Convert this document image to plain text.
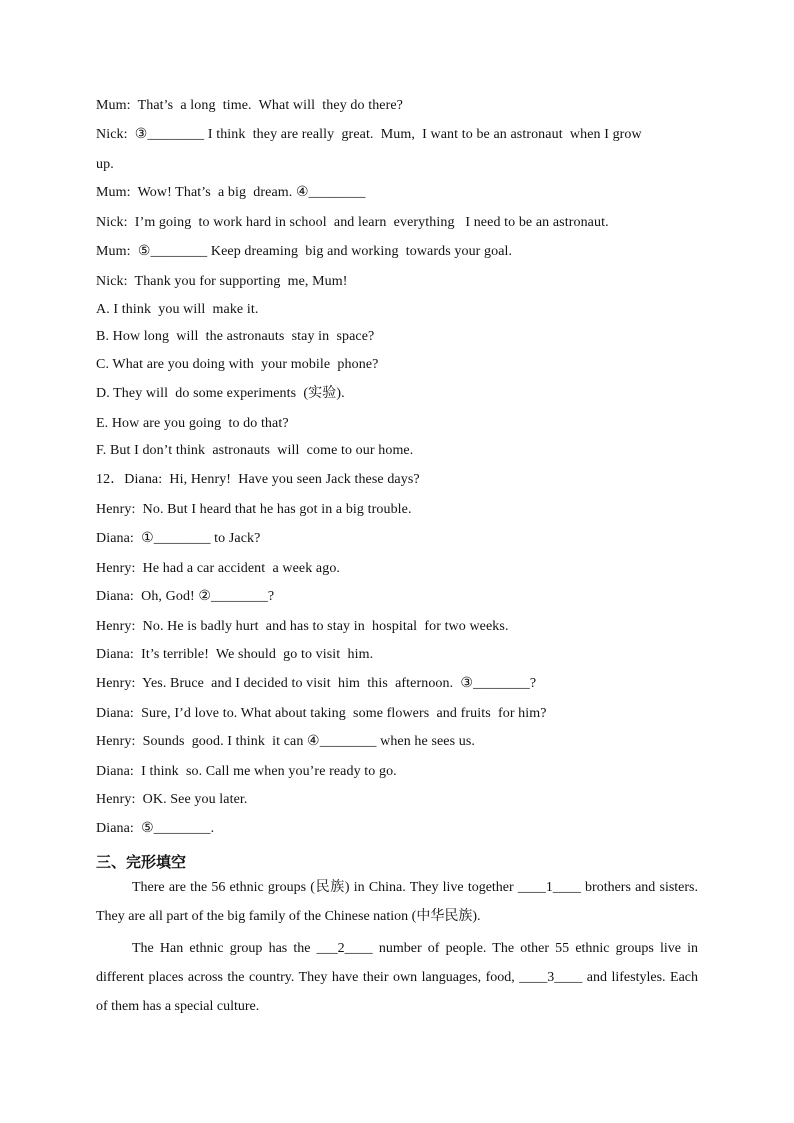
Mum:  That’s  a long  time.  What will  they do there?
Nick:  ③________ I think  they are really  great.  Mum,  I want to be an astronaut  when I grow
up.
Mum:  Wow! That’s  a big  dream. ④________
Nick:  I’m going  to work hard in school  and learn  everything   I need to be an astronaut.
Mum:  ⑤________ Keep dreaming  big and working  towards your goal.
Nick:  Thank you for supporting  me, Mum!
A. I think  you will  make it.
B. How long  will  the astronauts  stay in  space?
C. What are you doing with  your mobile  phone?
D. They will  do some experiments  (实验).
E. How are you going  to do that?
F. But I don’t think  astronauts  will  come to our home.
12．Diana:  Hi, Henry!  Have you seen Jack these days?
Henry:  No. But I heard that he has got in a big trouble.
Diana:  ①________ to Jack?
Henry:  He had a car accident  a week ago.
Diana:  Oh, God! ②________?
Henry:  No. He is badly hurt  and has to stay in  hospital  for two weeks.
Diana:  It’s terrible!  We should  go to visit  him.
Henry:  Yes. Bruce  and I decided to visit  him  this  afternoon.  ③________?
Diana:  Sure, I’d love to. What about taking  some flowers  and fruits  for him?
Henry:  Sounds  good. I think  it can ④________ when he sees us.
Diana:  I think  so. Call me when you’re ready to go.
Henry:  OK. See you later.
Diana:  ⑤________.
三、完形填空
There are the 56 ethnic groups (民族) in China. They live together ____1____ brothers and sisters. They are all part of the big family of the Chinese nation (中华民族).
The Han ethnic group has the ___2____ number of people. The other 55 ethnic groups live in different places across the country. They have their own languages, food, ____3____ and lifestyles. Each of them has a special culture.
